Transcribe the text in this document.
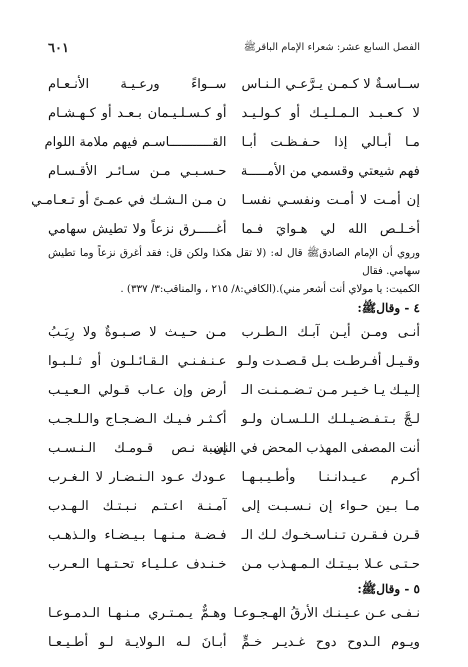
الفصل السابع عشر: شعراء الإمام الباقرﷺ
٦٠١
ســاسـةٌ لا كـمـن يـرَّعـي الـنـاس
ســواءً ورعـيـة الأنـعـام
لا كـعـبـد الـمـلـيـك أو كـولـيـد
أو كـسـلـيـمان بـعـد أو كـهـشـام
مـا أبـالي إذا حـفـظـت أبـا
القـــــــــــاسـم فيهم ملامة اللوام
فهم شيعتي وقسمي من الأمـــــة
حـسـبـي مـن سـائـر الأقـسـام
إن أمـت لا أمـت ونفسـي نفسـا
ن مـن الـشـك في عمـىً أو تـعـامـي
أخـلـص الله لي هـوايَ فـما
أغـــــرق نزعاً ولا تطيش سهامي

وروي أن الإمام الصادقﷺ قال له: (لا تقل هكذا ولكن قل: فقد أغرق نزعاً وما تطيش سهامي. فقال

الكميت: يا مولاي أنت أشعر مني).(الكافي:٨/ ٢١٥ ، والمناقب:٣/ ٣٣٧) .

٤ - وقالﷺ:

أنـى ومـن أيـن آبـك الـطـرب
مـن حـيـث لا صـبـوةٌ ولا رِيَـبُ
وقـيـل أفـرطـت بـل قـصـدت ولـو
عـنـفـنـي الـقـائـلـون أو ثـلـبـوا
إلـيـك يـا خـيـر مـن تـضـمـنـت الـ
أرض وإن عـاب قـولي الـعـيـب
لـجَّ بـتـفـضـيـلـك الـلـسـان ولـو
أكـثـر فـيـك الـضـجـاج والـلـجـب
أنت المصفى المهذب المحض في النسبة
إن نـص قـومـك الـنـسـب
أكـرم عـيـدانـنـا وأطـيـبـهـا
عـودك عـود الـنـضـار لا الـغـرب
مـا بـين حـواء إن نـسـبـت إلى
آمـنـة اعـتـم نـبـتـك الـهـدب
قـرن فـقـرن تـنـاسـخـوك لـك الـ
فـضـة مـنـهـا بـيـضـاء والـذهـب
حـتـى عـلا بـيـتـك الـمـهـذب مـن
خـنـدف عـلـيـاء تحـتـهـا الـعـرب

٥ - وقالﷺ:

نـفـى عـن عـيـنـك الأرقُ الهـجـوعـا
وهـمٌّ يـمـتـري مـنـهـا الـدمـوعـا
ويـوم الـدوح دوح غـديـر خـمٍّ
أبـانَ لـه الـولايـة لـو أطـيـعـا
